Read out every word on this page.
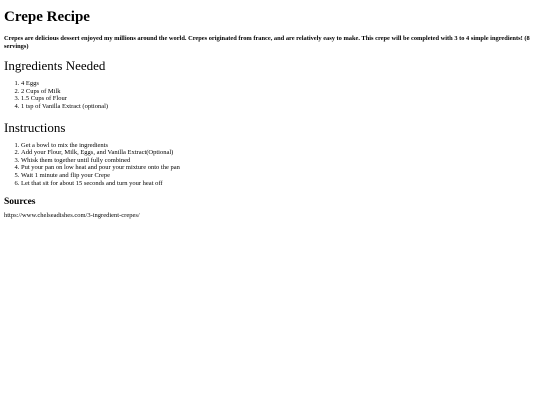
Crepe Recipe

Crepes are delicious dessert enjoyed my millions around the world. Crepes originated from france, and are relatively easy to make. This crepe will be completed with 3 to 4 simple ingredients! (8 servings)

Ingredients Needed
1. 4 Eggs
2. 2 Cups of Milk
3. 1.5 Cups of Flour
4. 1 tsp of Vanilla Extract (optional)
Instructions
1. Get a bowl to mix the ingredients
2. Add your Flour, Milk, Eggs, and Vanilla Extract(Optional)
3. Whisk them together until fully combined
4. Put your pan on low heat and pour your mixture onto the pan
5. Wait 1 minute and flip your Crepe
6. Let that sit for about 15 seconds and turn your heat off
Sources

https://www.chelseadishes.com/3-ingredient-crepes/
